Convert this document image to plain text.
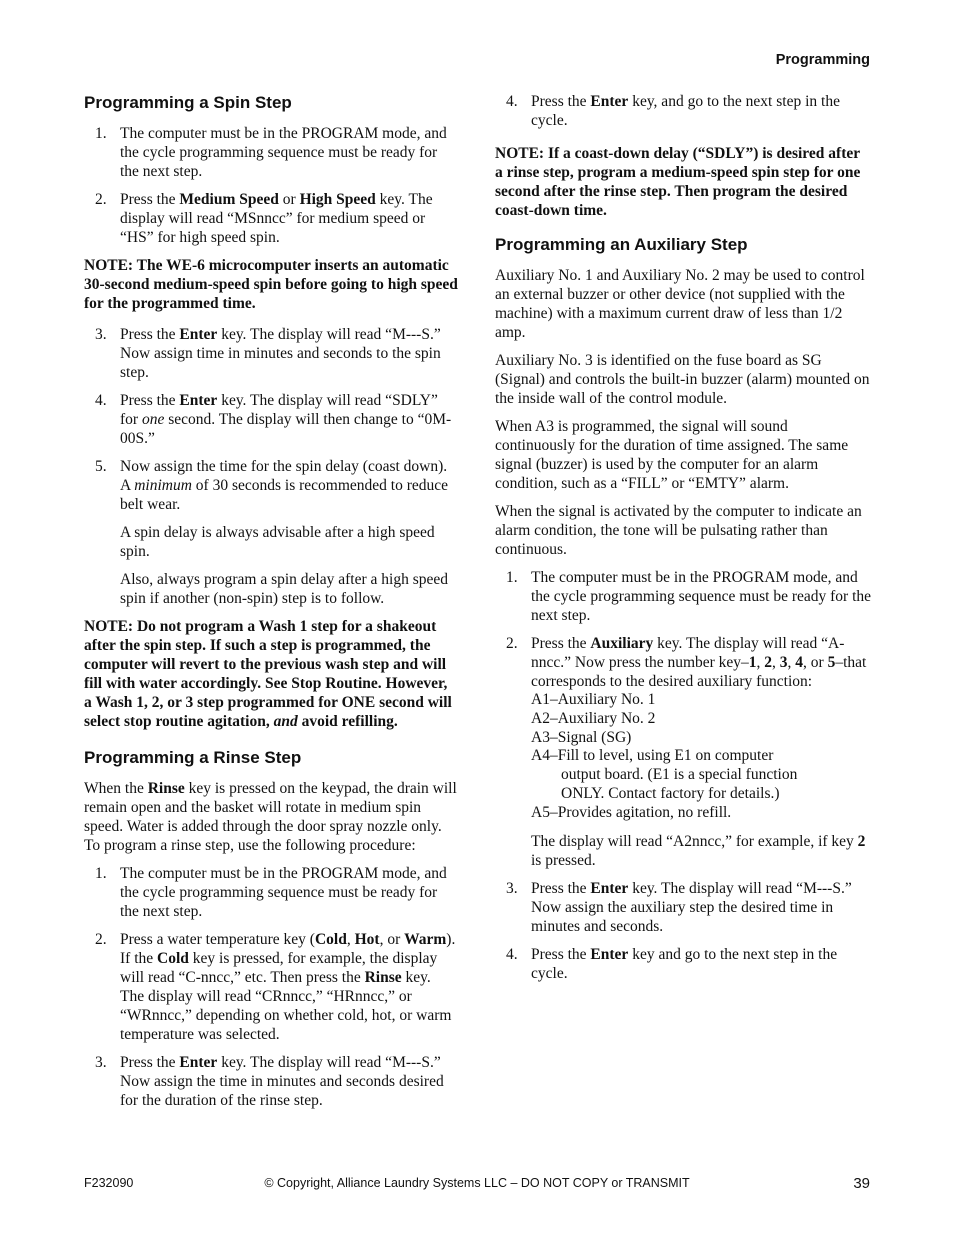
Programming
Programming a Spin Step
1. The computer must be in the PROGRAM mode, and the cycle programming sequence must be ready for the next step.
2. Press the Medium Speed or High Speed key. The display will read “MSnncc” for medium speed or “HS” for high speed spin.

NOTE: The WE-6 microcomputer inserts an automatic 30-second medium-speed spin before going to high speed for the programmed time.

3. Press the Enter key. The display will read “M---S.” Now assign time in minutes and seconds to the spin step.
4. Press the Enter key. The display will read “SDLY” for one second. The display will then change to “0M-00S.”
5. Now assign the time for the spin delay (coast down). A minimum of 30 seconds is recommended to reduce belt wear.
A spin delay is always advisable after a high speed spin.
Also, always program a spin delay after a high speed spin if another (non-spin) step is to follow.

NOTE: Do not program a Wash 1 step for a shakeout after the spin step. If such a step is programmed, the computer will revert to the previous wash step and will fill with water accordingly. See Stop Routine. However, a Wash 1, 2, or 3 step programmed for ONE second will select stop routine agitation, and avoid refilling.

Programming a Rinse Step

When the Rinse key is pressed on the keypad, the drain will remain open and the basket will rotate in medium spin speed. Water is added through the door spray nozzle only. To program a rinse step, use the following procedure:

1. The computer must be in the PROGRAM mode, and the cycle programming sequence must be ready for the next step.
2. Press a water temperature key (Cold, Hot, or Warm). If the Cold key is pressed, for example, the display will read “C-nncc,” etc. Then press the Rinse key. The display will read “CRnncc,” “HRnncc,” or “WRnncc,” depending on whether cold, hot, or warm temperature was selected.
3. Press the Enter key. The display will read “M---S.” Now assign the time in minutes and seconds desired for the duration of the rinse step.
4. Press the Enter key, and go to the next step in the cycle.

NOTE: If a coast-down delay (“SDLY”) is desired after a rinse step, program a medium-speed spin step for one second after the rinse step. Then program the desired coast-down time.

Programming an Auxiliary Step

Auxiliary No. 1 and Auxiliary No. 2 may be used to control an external buzzer or other device (not supplied with the machine) with a maximum current draw of less than 1/2 amp.

Auxiliary No. 3 is identified on the fuse board as SG (Signal) and controls the built-in buzzer (alarm) mounted on the inside wall of the control module.

When A3 is programmed, the signal will sound continuously for the duration of time assigned. The same signal (buzzer) is used by the computer for an alarm condition, such as a “FILL” or “EMTY” alarm.

When the signal is activated by the computer to indicate an alarm condition, the tone will be pulsating rather than continuous.

1. The computer must be in the PROGRAM mode, and the cycle programming sequence must be ready for the next step.
2. Press the Auxiliary key. The display will read “A-nncc.” Now press the number key–1, 2, 3, 4, or 5–that corresponds to the desired auxiliary function:
A1–Auxiliary No. 1
A2–Auxiliary No. 2
A3–Signal (SG)
A4–Fill to level, using E1 on computer
output board. (E1 is a special function
ONLY. Contact factory for details.)
A5–Provides agitation, no refill.
The display will read “A2nncc,” for example, if key 2 is pressed.
3. Press the Enter key. The display will read “M---S.” Now assign the auxiliary step the desired time in minutes and seconds.
4. Press the Enter key and go to the next step in the cycle.
© Copyright, Alliance Laundry Systems LLC – DO NOT COPY or TRANSMIT
F232090	39
